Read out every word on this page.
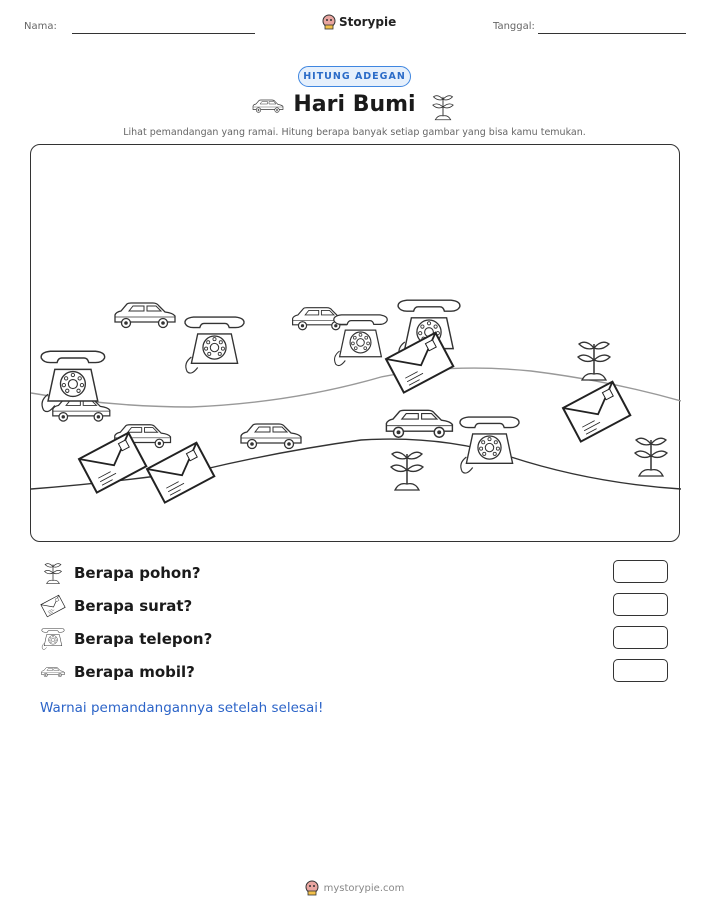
Nama:	Storypie	Tanggal:
HITUNG ADEGAN
Hari Bumi
Lihat pemandangan yang ramai. Hitung berapa banyak setiap gambar yang bisa kamu temukan.
Berapa pohon?
Berapa surat?
Berapa telepon?
Berapa mobil?
Warnai pemandangannya setelah selesai!
mystorypie.com
